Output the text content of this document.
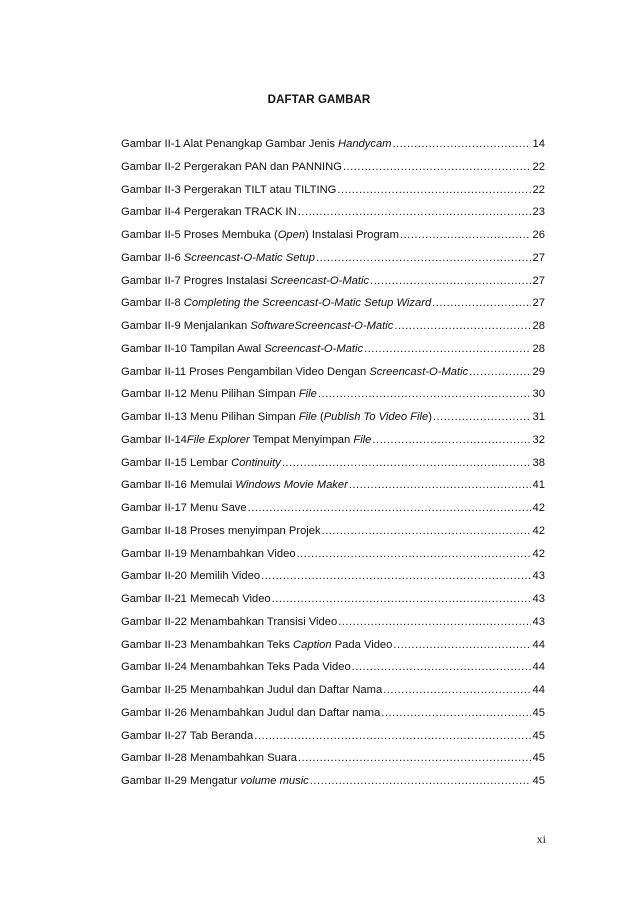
DAFTAR GAMBAR
Gambar II-1 Alat Penangkap Gambar Jenis Handycam .....	14
Gambar II-2 Pergerakan PAN dan PANNING .....	22
Gambar II-3 Pergerakan TILT atau TILTING .....	22
Gambar II-4 Pergerakan TRACK IN .....	23
Gambar II-5 Proses Membuka (Open) Instalasi Program .....	26
Gambar II-6 Screencast-O-Matic Setup .....	27
Gambar II-7 Progres Instalasi Screencast-O-Matic .....	27
Gambar II-8 Completing the Screencast-O-Matic Setup Wizard .....	27
Gambar II-9 Menjalankan SoftwareScreencast-O-Matic .....	28
Gambar II-10 Tampilan Awal Screencast-O-Matic .....	28
Gambar II-11 Proses Pengambilan Video Dengan Screencast-O-Matic .....	29
Gambar II-12 Menu Pilihan Simpan File .....	30
Gambar II-13 Menu Pilihan Simpan File (Publish To Video File) .....	31
Gambar II-14File Explorer Tempat Menyimpan File .....	32
Gambar II-15 Lembar Continuity .....	38
Gambar II-16 Memulai Windows Movie Maker .....	41
Gambar II-17 Menu Save .....	42
Gambar II-18 Proses menyimpan Projek .....	42
Gambar II-19 Menambahkan Video .....	42
Gambar II-20 Memilih Video .....	43
Gambar II-21 Memecah Video .....	43
Gambar II-22 Menambahkan Transisi Video .....	43
Gambar II-23 Menambahkan Teks Caption Pada Video .....	44
Gambar II-24 Menambahkan Teks Pada Video .....	44
Gambar II-25 Menambahkan Judul dan Daftar Nama .....	44
Gambar II-26 Menambahkan Judul dan Daftar nama .....	45
Gambar II-27 Tab Beranda .....	45
Gambar II-28 Menambahkan Suara .....	45
Gambar II-29 Mengatur volume music .....	45
xi
